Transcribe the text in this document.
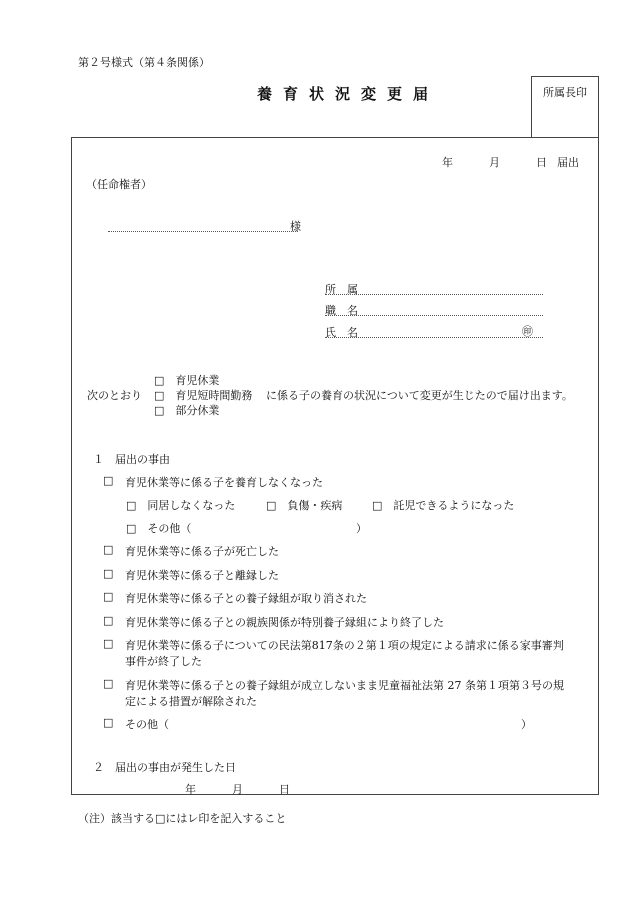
第２号様式（第４条関係）
養育状況変更届	所属長印
年	月	日 届出
（任命権者）
様
所　属
職　名
氏　名	㊞
□　 育児休業
次のとおり □　 育児短時間勤務 に係る子の養育の状況について変更が生じたので届け出ます。
□　 部分休業
１　届出の事由
□ 育児休業等に係る子を養育しなくなった
□　 同居しなくなった	□　 負傷・疾病	□　 託児できるようになった
□　 その他（	）
□ 育児休業等に係る子が死亡した
□ 育児休業等に係る子と離縁した
□ 育児休業等に係る子との養子縁組が取り消された
□ 育児休業等に係る子との親族関係が特別養子縁組により終了した
□ 育児休業等に係る子についての民法第817条の２第１項の規定による請求に係る家事審判
事件が終了した
□ 育児休業等に係る子との養子縁組が成立しないまま児童福祉法第 27 条第１項第３号の規
定による措置が解除された
□ その他（	）
２　届出の事由が発生した日
年	月	日
（注）該当する□にはレ印を記入すること
